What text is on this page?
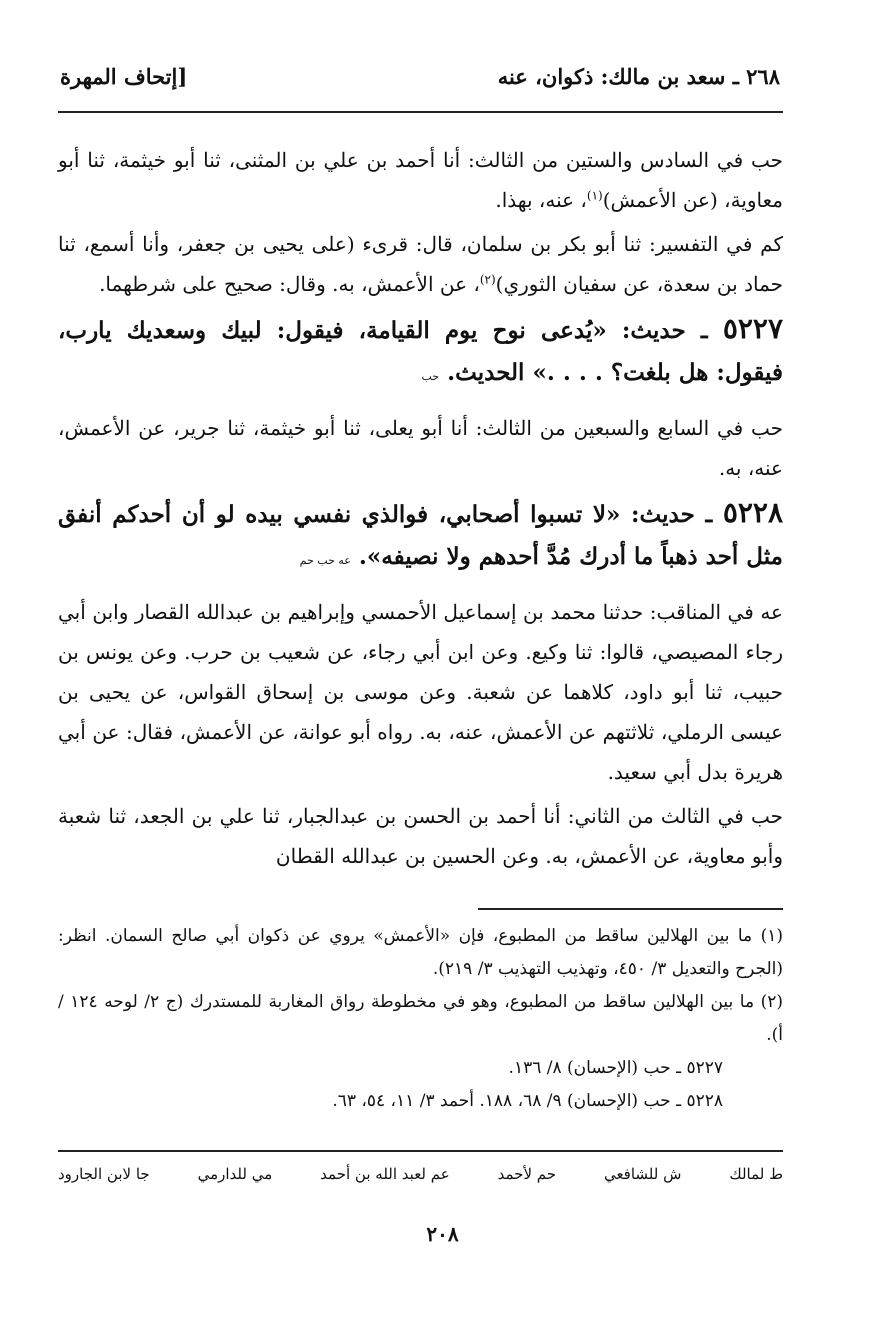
٢٦٨ ـ سعد بن مالك: ذكوان، عنه
[إتحاف المهرة

حب في السادس والستين من الثالث: أنا أحمد بن علي بن المثنى، ثنا أبو خيثمة، ثنا أبو معاوية، (عن الأعمش)$^{(١)}$، عنه، بهذا.

كم في التفسير: ثنا أبو بكر بن سلمان، قال: قرىء (على يحيى بن جعفر، وأنا أسمع، ثنا حماد بن سعدة، عن سفيان الثوري)$^{(٢)}$، عن الأعمش، به. وقال: صحيح على شرطهما.

٥٢٢٧ ـ حديث: «يُدعى نوح يوم القيامة، فيقول: لبيك وسعديك يارب، فيقول: هل بلغت؟ . . . .» الحديث. حب

حب في السابع والسبعين من الثالث: أنا أبو يعلى، ثنا أبو خيثمة، ثنا جرير، عن الأعمش، عنه، به.

٥٢٢٨ ـ حديث: «لا تسبوا أصحابي، فوالذي نفسي بيده لو أن أحدكم أنفق مثل أحد ذهباً ما أدرك مُدَّ أحدهم ولا نصيفه». عه حب حم

عه في المناقب: حدثنا محمد بن إسماعيل الأحمسي وإبراهيم بن عبدالله القصار وابن أبي رجاء المصيصي، قالوا: ثنا وكيع. وعن ابن أبي رجاء، عن شعيب بن حرب. وعن يونس بن حبيب، ثنا أبو داود، كلاهما عن شعبة. وعن موسى بن إسحاق القواس، عن يحيى بن عيسى الرملي، ثلاثتهم عن الأعمش، عنه، به. رواه أبو عوانة، عن الأعمش، فقال: عن أبي هريرة بدل أبي سعيد.

حب في الثالث من الثاني: أنا أحمد بن الحسن بن عبدالجبار، ثنا علي بن الجعد، ثنا شعبة وأبو معاوية، عن الأعمش، به. وعن الحسين بن عبدالله القطان

(١) ما بين الهلالين ساقط من المطبوع، فإن «الأعمش» يروي عن ذكوان أبي صالح السمان. انظر: (الجرح والتعديل ٣/ ٤٥٠، وتهذيب التهذيب ٣/ ٢١٩).

(٢) ما بين الهلالين ساقط من المطبوع، وهو في مخطوطة رواق المغاربة للمستدرك (ج ٢/ لوحه ١٢٤ / أ).

٥٢٢٧ ـ حب (الإحسان) ٨/ ١٣٦.

٥٢٢٨ ـ حب (الإحسان) ٩/ ٦٨، ١٨٨. أحمد ٣/ ١١، ٥٤، ٦٣.

ط لمالك
ش للشافعي
حم لأحمد
عم لعبد الله بن أحمد
مي للدارمي
جا لابن الجارود
٢٠٨
